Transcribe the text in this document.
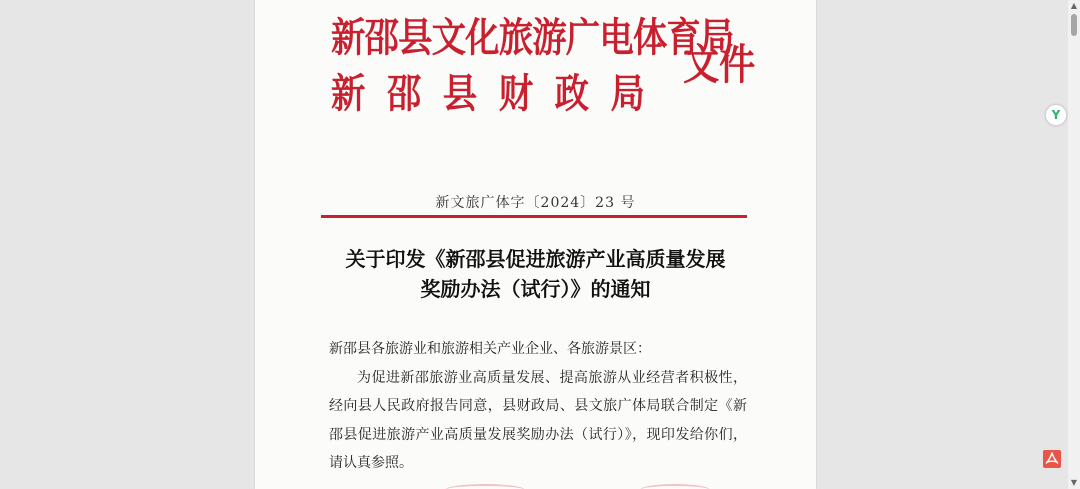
新邵县文化旅游广电体育局
新邵县财政局
文件
新文旅广体字〔2024〕23 号
关于印发《新邵县促进旅游产业高质量发展
奖励办法（试行）》的通知

新邵县各旅游业和旅游相关产业企业、各旅游景区：

为促进新邵旅游业高质量发展、提高旅游从业经营者积极性，经向县人民政府报告同意，县财政局、县文旅广体局联合制定《新邵县促进旅游产业高质量发展奖励办法（试行）》，现印发给你们，请认真参照。

▲
▼
Y
